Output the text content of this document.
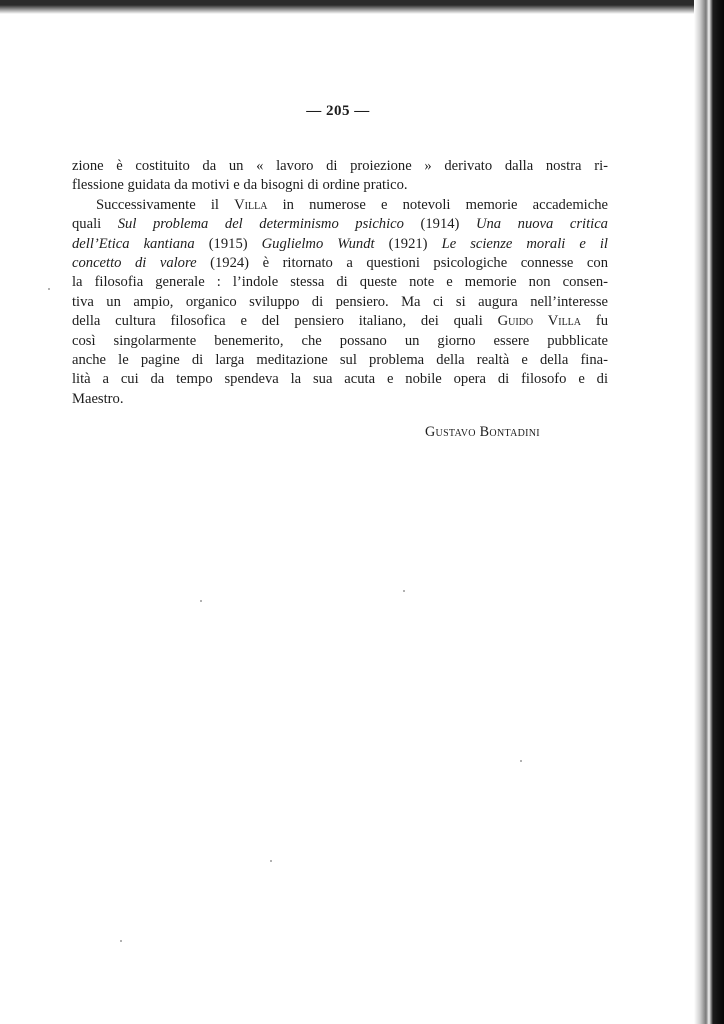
— 205 —
zione è costituito da un « lavoro di proiezione » derivato dalla nostra ri-
flessione guidata da motivi e da bisogni di ordine pratico.
Successivamente il Villa in numerose e notevoli memorie accademiche
quali Sul problema del determinismo psichico (1914) Una nuova critica
dell’Etica kantiana (1915) Guglielmo Wundt (1921) Le scienze morali e il
concetto di valore (1924) è ritornato a questioni psicologiche connesse con
la filosofia generale : l’indole stessa di queste note e memorie non consen-
tiva un ampio, organico sviluppo di pensiero. Ma ci si augura nell’interesse
della cultura filosofica e del pensiero italiano, dei quali Guido Villa fu
così singolarmente benemerito, che possano un giorno essere pubblicate
anche le pagine di larga meditazione sul problema della realtà e della fina-
lità a cui da tempo spendeva la sua acuta e nobile opera di filosofo e di
Maestro.
Gustavo Bontadini
